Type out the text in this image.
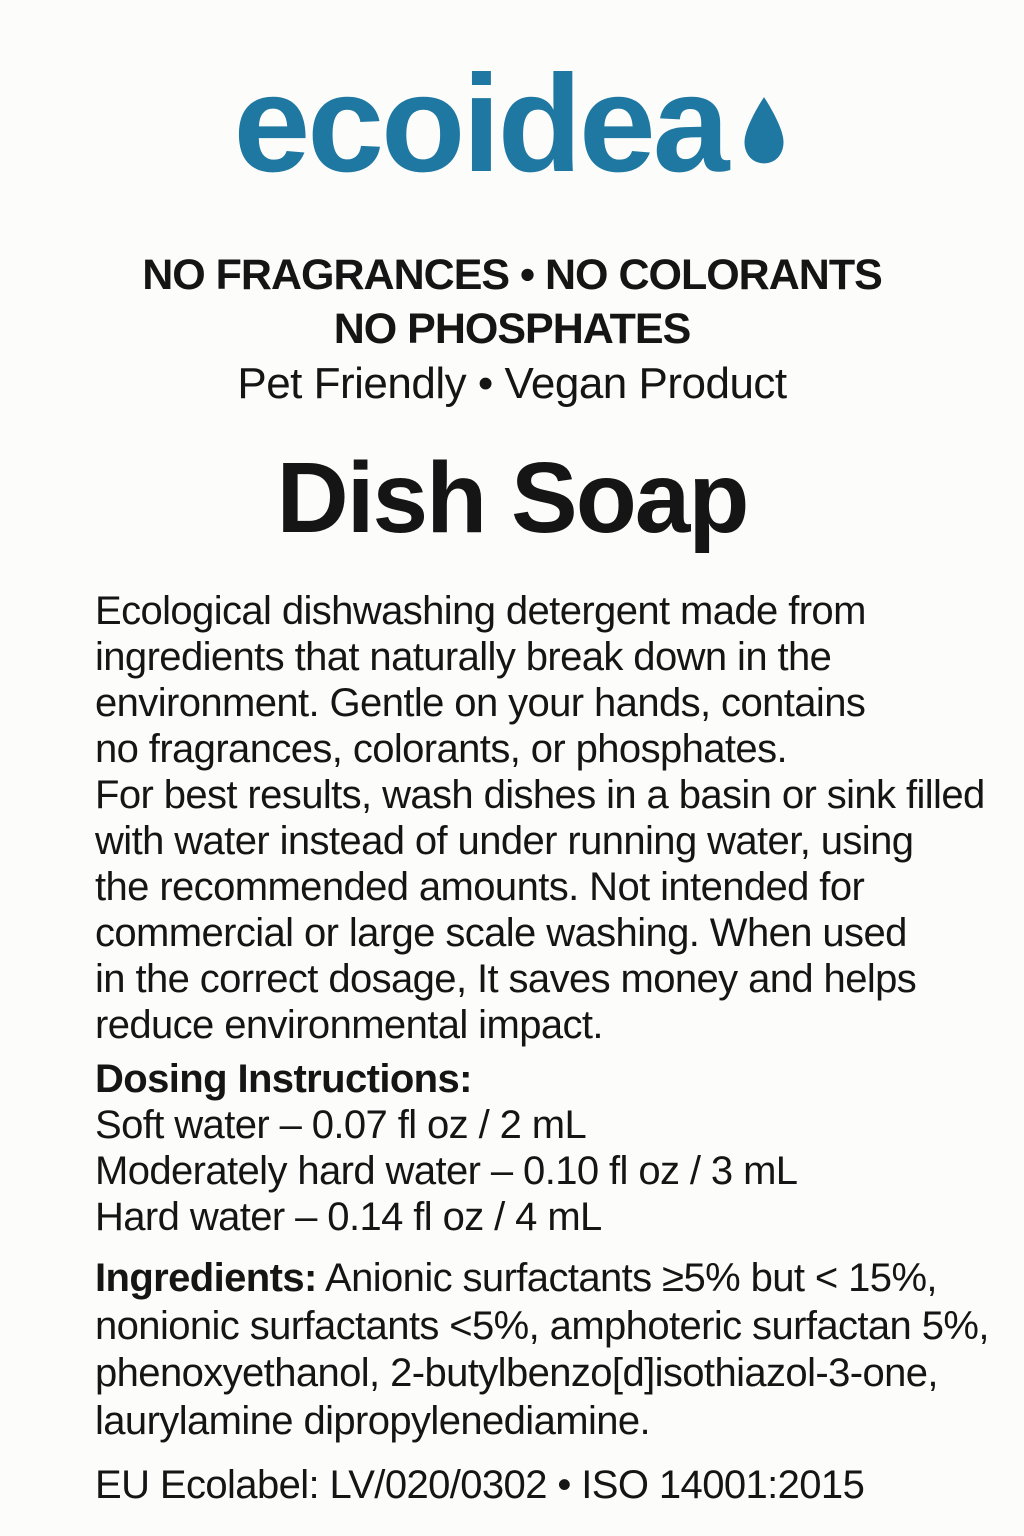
ecoidea
NO FRAGRANCES • NO COLORANTS
NO PHOSPHATES
Pet Friendly • Vegan Product
Dish Soap
Ecological dishwashing detergent made from
ingredients that naturally break down in the
environment. Gentle on your hands, contains
no fragrances, colorants, or phosphates.
For best results, wash dishes in a basin or sink filled
with water instead of under running water, using
the recommended amounts. Not intended for
commercial or large scale washing. When used
in the correct dosage, It saves money and helps
reduce environmental impact.
Dosing Instructions:
Soft water – 0.07 fl oz / 2 mL
Moderately hard water – 0.10 fl oz / 3 mL
Hard water – 0.14 fl oz / 4 mL
Ingredients: Anionic surfactants ≥5% but < 15%,
nonionic surfactants <5%, amphoteric surfactan 5%,
phenoxyethanol, 2-butylbenzo[d]isothiazol-3-one,
laurylamine dipropylenediamine.
EU Ecolabel: LV/020/0302 • ISO 14001:2015
